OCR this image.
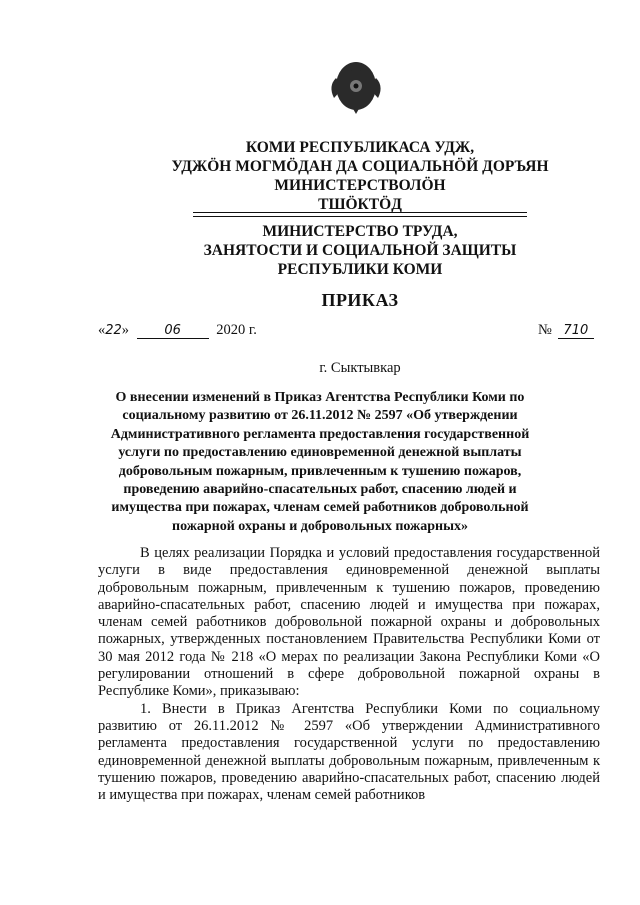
КОМИ РЕСПУБЛИКАСА УДЖ,
УДЖӦН МОГМӦДАН ДА СОЦИАЛЬНӦЙ ДОРЪЯН
МИНИСТЕРСТВОЛӦН
ТШӦКТӦД
МИНИСТЕРСТВО ТРУДА,
ЗАНЯТОСТИ И СОЦИАЛЬНОЙ ЗАЩИТЫ
РЕСПУБЛИКИ КОМИ
ПРИКАЗ
«22»	06 2020 г.	№ 710
г. Сыктывкар

О внесении изменений в Приказ Агентства Республики Коми по социальному развитию от 26.11.2012 № 2597 «Об утверждении Административного регламента предоставления государственной услуги по предоставлению единовременной денежной выплаты добровольным пожарным, привлеченным к тушению пожаров, проведению аварийно-спасательных работ, спасению людей и имущества при пожарах, членам семей работников добровольной пожарной охраны и добровольных пожарных»

В целях реализации Порядка и условий предоставления государственной услуги в виде предоставления единовременной денежной выплаты добровольным пожарным, привлеченным к тушению пожаров, проведению аварийно-спасательных работ, спасению людей и имущества при пожарах, членам семей работников добровольной пожарной охраны и добровольных пожарных, утвержденных постановлением Правительства Республики Коми от 30 мая 2012 года № 218 «О мерах по реализации Закона Республики Коми «О регулировании отношений в сфере добровольной пожарной охраны в Республике Коми», приказываю:

1. Внести в Приказ Агентства Республики Коми по социальному развитию от 26.11.2012 № 2597 «Об утверждении Административного регламента предоставления государственной услуги по предоставлению единовременной денежной выплаты добровольным пожарным, привлеченным к тушению пожаров, проведению аварийно-спасательных работ, спасению людей и имущества при пожарах, членам семей работников
